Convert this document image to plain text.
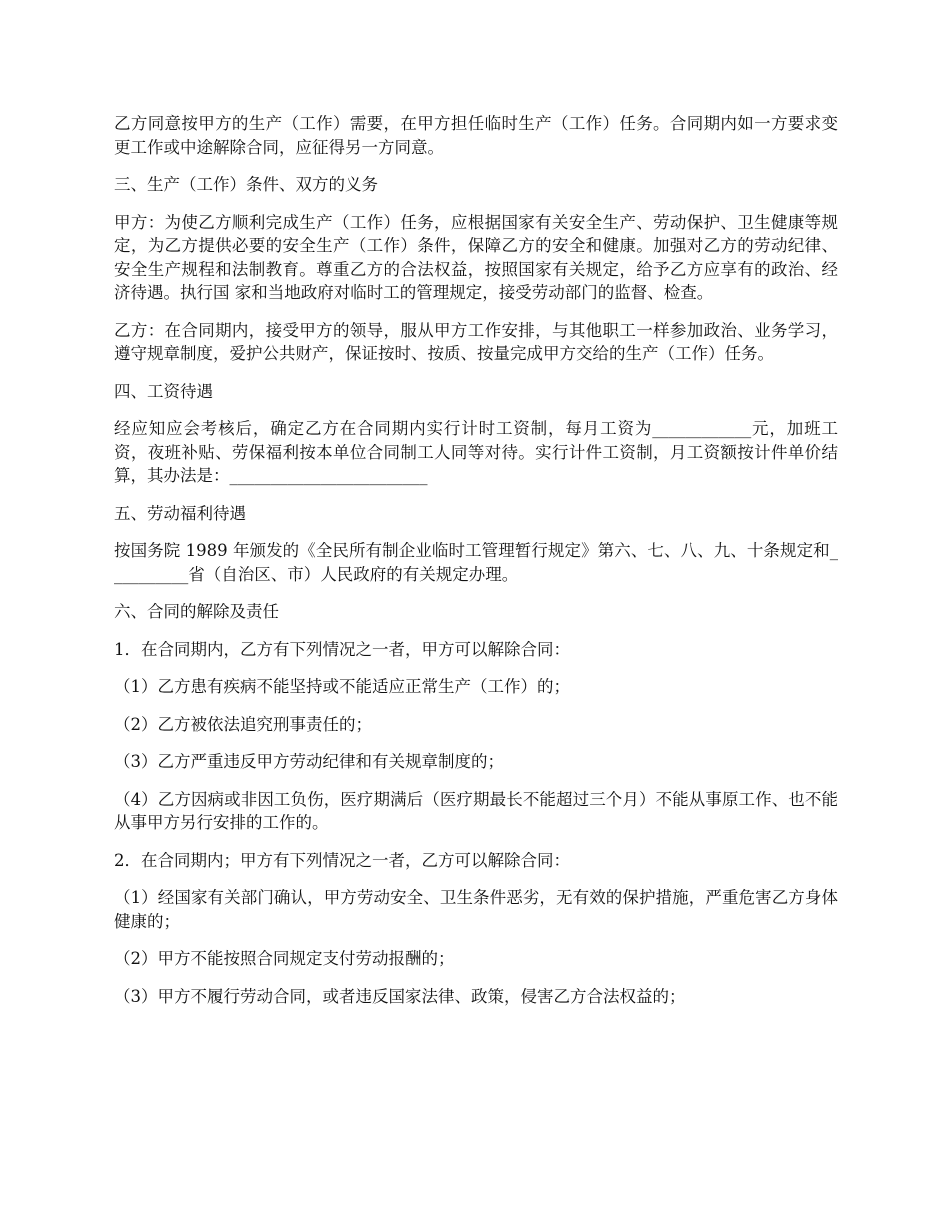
乙方同意按甲方的生产（工作）需要，在甲方担任临时生产（工作）任务。合同期内如一方要求变更工作或中途解除合同，应征得另一方同意。

三、生产（工作）条件、双方的义务

甲方：为使乙方顺利完成生产（工作）任务，应根据国家有关安全生产、劳动保护、卫生健康等规定，为乙方提供必要的安全生产（工作）条件，保障乙方的安全和健康。加强对乙方的劳动纪律、安全生产规程和法制教育。尊重乙方的合法权益，按照国家有关规定，给予乙方应享有的政治、经济待遇。执行国 家和当地政府对临时工的管理规定，接受劳动部门的监督、检查。

乙方：在合同期内，接受甲方的领导，服从甲方工作安排，与其他职工一样参加政治、业务学习，遵守规章制度，爱护公共财产，保证按时、按质、按量完成甲方交给的生产（工作）任务。

四、工资待遇

经应知应会考核后，确定乙方在合同期内实行计时工资制，每月工资为____________元，加班工资，夜班补贴、劳保福利按本单位合同制工人同等对待。实行计件工资制，月工资额按计件单价结算，其办法是：________________________

五、劳动福利待遇

按国务院 1989 年颁发的《全民所有制企业临时工管理暂行规定》第六、七、八、九、十条规定和__________省（自治区、市）人民政府的有关规定办理。

六、合同的解除及责任

1．在合同期内，乙方有下列情况之一者，甲方可以解除合同：

（1）乙方患有疾病不能坚持或不能适应正常生产（工作）的；

（2）乙方被依法追究刑事责任的；

（3）乙方严重违反甲方劳动纪律和有关规章制度的；

（4）乙方因病或非因工负伤，医疗期满后（医疗期最长不能超过三个月）不能从事原工作、也不能从事甲方另行安排的工作的。

2．在合同期内；甲方有下列情况之一者，乙方可以解除合同：

（1）经国家有关部门确认，甲方劳动安全、卫生条件恶劣，无有效的保护措施，严重危害乙方身体健康的；

（2）甲方不能按照合同规定支付劳动报酬的；

（3）甲方不履行劳动合同，或者违反国家法律、政策，侵害乙方合法权益的；
